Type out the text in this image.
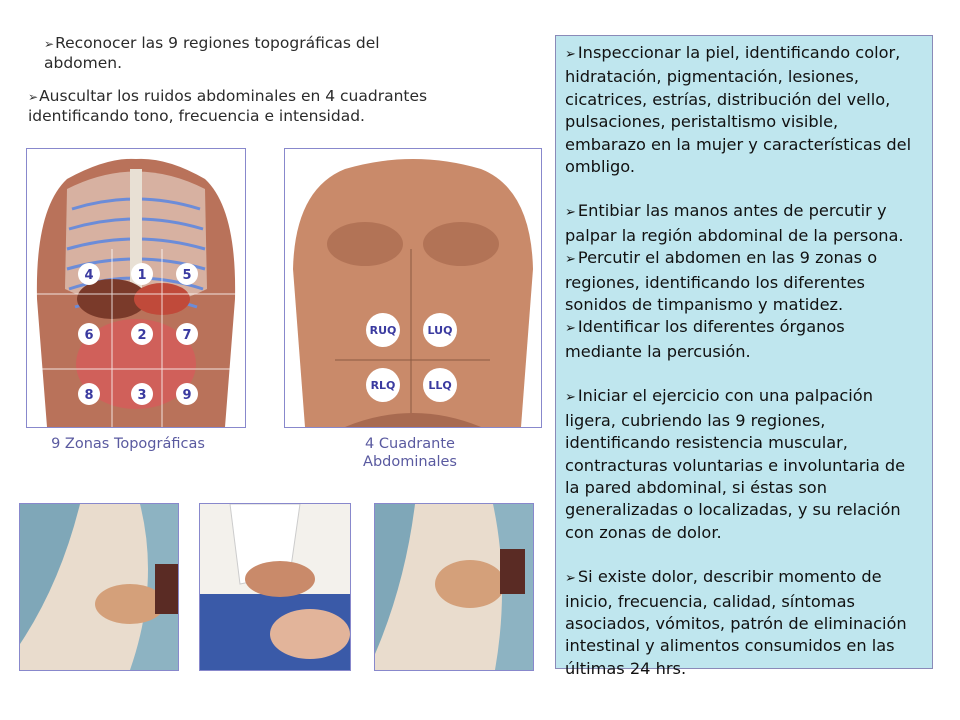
➢Reconocer las 9 regiones topográficas del abdomen.
➢Auscultar los ruidos abdominales en 4 cuadrantes identificando tono, frecuencia e intensidad.
4	1	5
6	2	7
8	3	9
9 Zonas Topográficas
RUQ	LUQ
RLQ	LLQ
4 Cuadrante Abdominales

➢ Inspeccionar la piel, identificando color, hidratación, pigmentación, lesiones, cicatrices, estrías, distribución del vello, pulsaciones, peristaltismo visible, embarazo en la mujer y características del ombligo.

➢ Entibiar las manos antes de percutir y palpar la región abdominal de la persona.

➢ Percutir el abdomen en las 9 zonas o regiones, identificando los diferentes sonidos de timpanismo y matidez.

➢ Identificar los diferentes órganos mediante la percusión.

➢ Iniciar el ejercicio con una palpación ligera, cubriendo las 9 regiones, identificando resistencia muscular, contracturas voluntarias e involuntaria de la pared abdominal, si éstas son generalizadas o localizadas, y su relación con zonas de dolor.

➢ Si existe dolor, describir momento de inicio, frecuencia, calidad, síntomas asociados, vómitos, patrón de eliminación intestinal y alimentos consumidos en las últimas 24 hrs.
